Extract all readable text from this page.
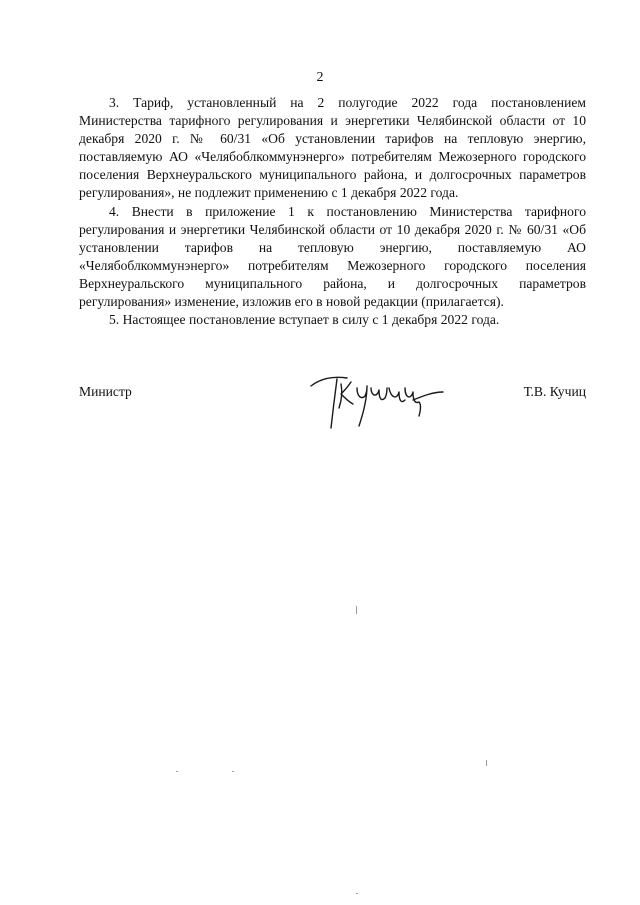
2

3. Тариф, установленный на 2 полугодие 2022 года постановлением Министерства тарифного регулирования и энергетики Челябинской области от 10 декабря 2020 г. № 60/31 «Об установлении тарифов на тепловую энергию, поставляемую АО «Челябоблкоммунэнерго» потребителям Межозерного городского поселения Верхнеуральского муниципального района, и долгосрочных параметров регулирования», не подлежит применению с 1 декабря 2022 года.

4. Внести в приложение 1 к постановлению Министерства тарифного регулирования и энергетики Челябинской области от 10 декабря 2020 г. № 60/31 «Об установлении тарифов на тепловую энергию, поставляемую АО «Челябоблкоммунэнерго» потребителям Межозерного городского поселения Верхнеуральского муниципального района, и долгосрочных параметров регулирования» изменение, изложив его в новой редакции (прилагается).

5. Настоящее постановление вступает в силу с 1 декабря 2022 года.

Министр	Т.В. Кучиц
